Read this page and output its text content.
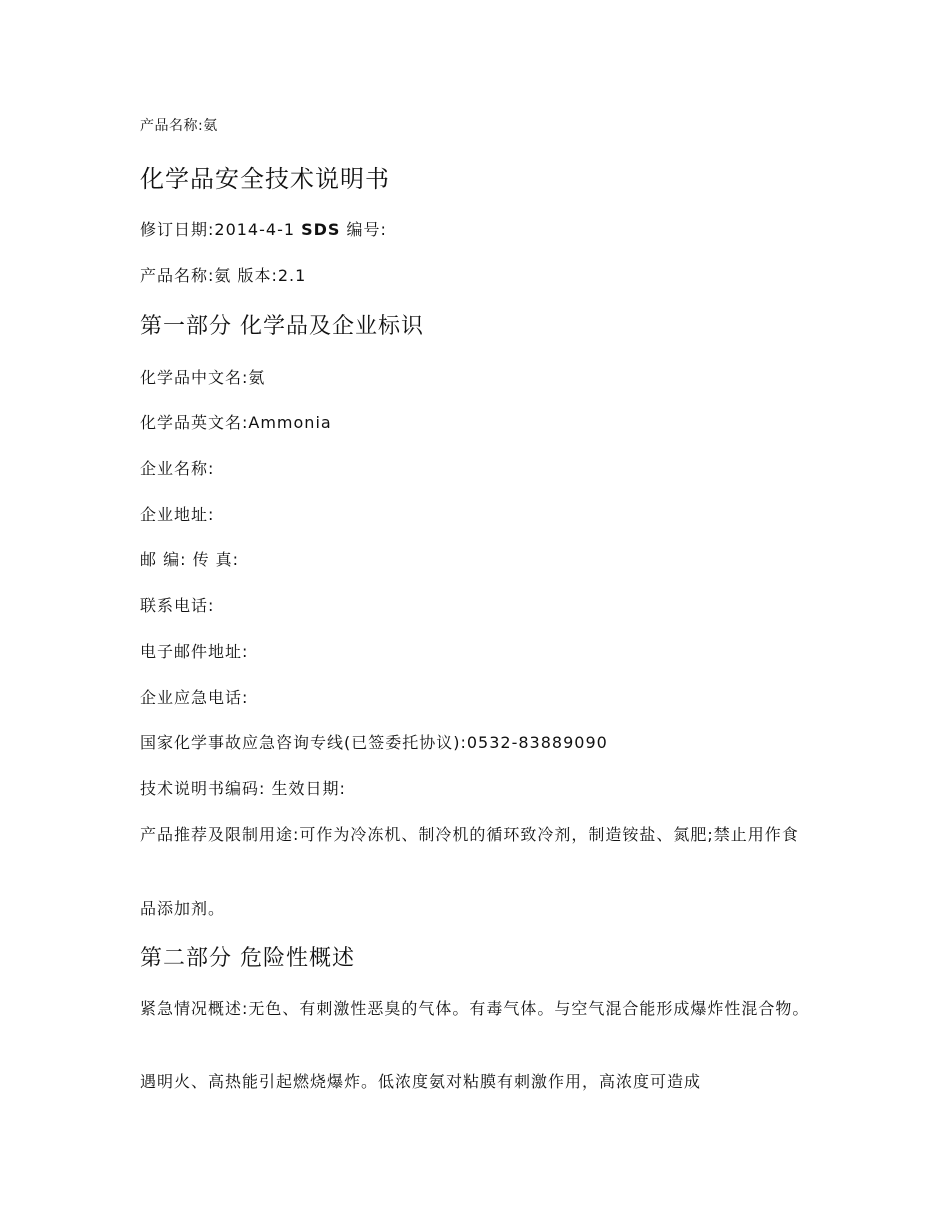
产品名称:氨
化学品安全技术说明书
修订日期:2014-4-1 SDS 编号:
产品名称:氨 版本:2.1
第一部分 化学品及企业标识
化学品中文名:氨
化学品英文名:Ammonia
企业名称:
企业地址:
邮 编: 传 真:
联系电话:
电子邮件地址:
企业应急电话:
国家化学事故应急咨询专线(已签委托协议):0532-83889090
技术说明书编码: 生效日期:
产品推荐及限制用途:可作为冷冻机、制冷机的循环致冷剂，制造铵盐、氮肥;禁止用作食
品添加剂。
第二部分 危险性概述
紧急情况概述:无色、有刺激性恶臭的气体。有毒气体。与空气混合能形成爆炸性混合物。
遇明火、高热能引起燃烧爆炸。低浓度氨对粘膜有刺激作用，高浓度可造成
